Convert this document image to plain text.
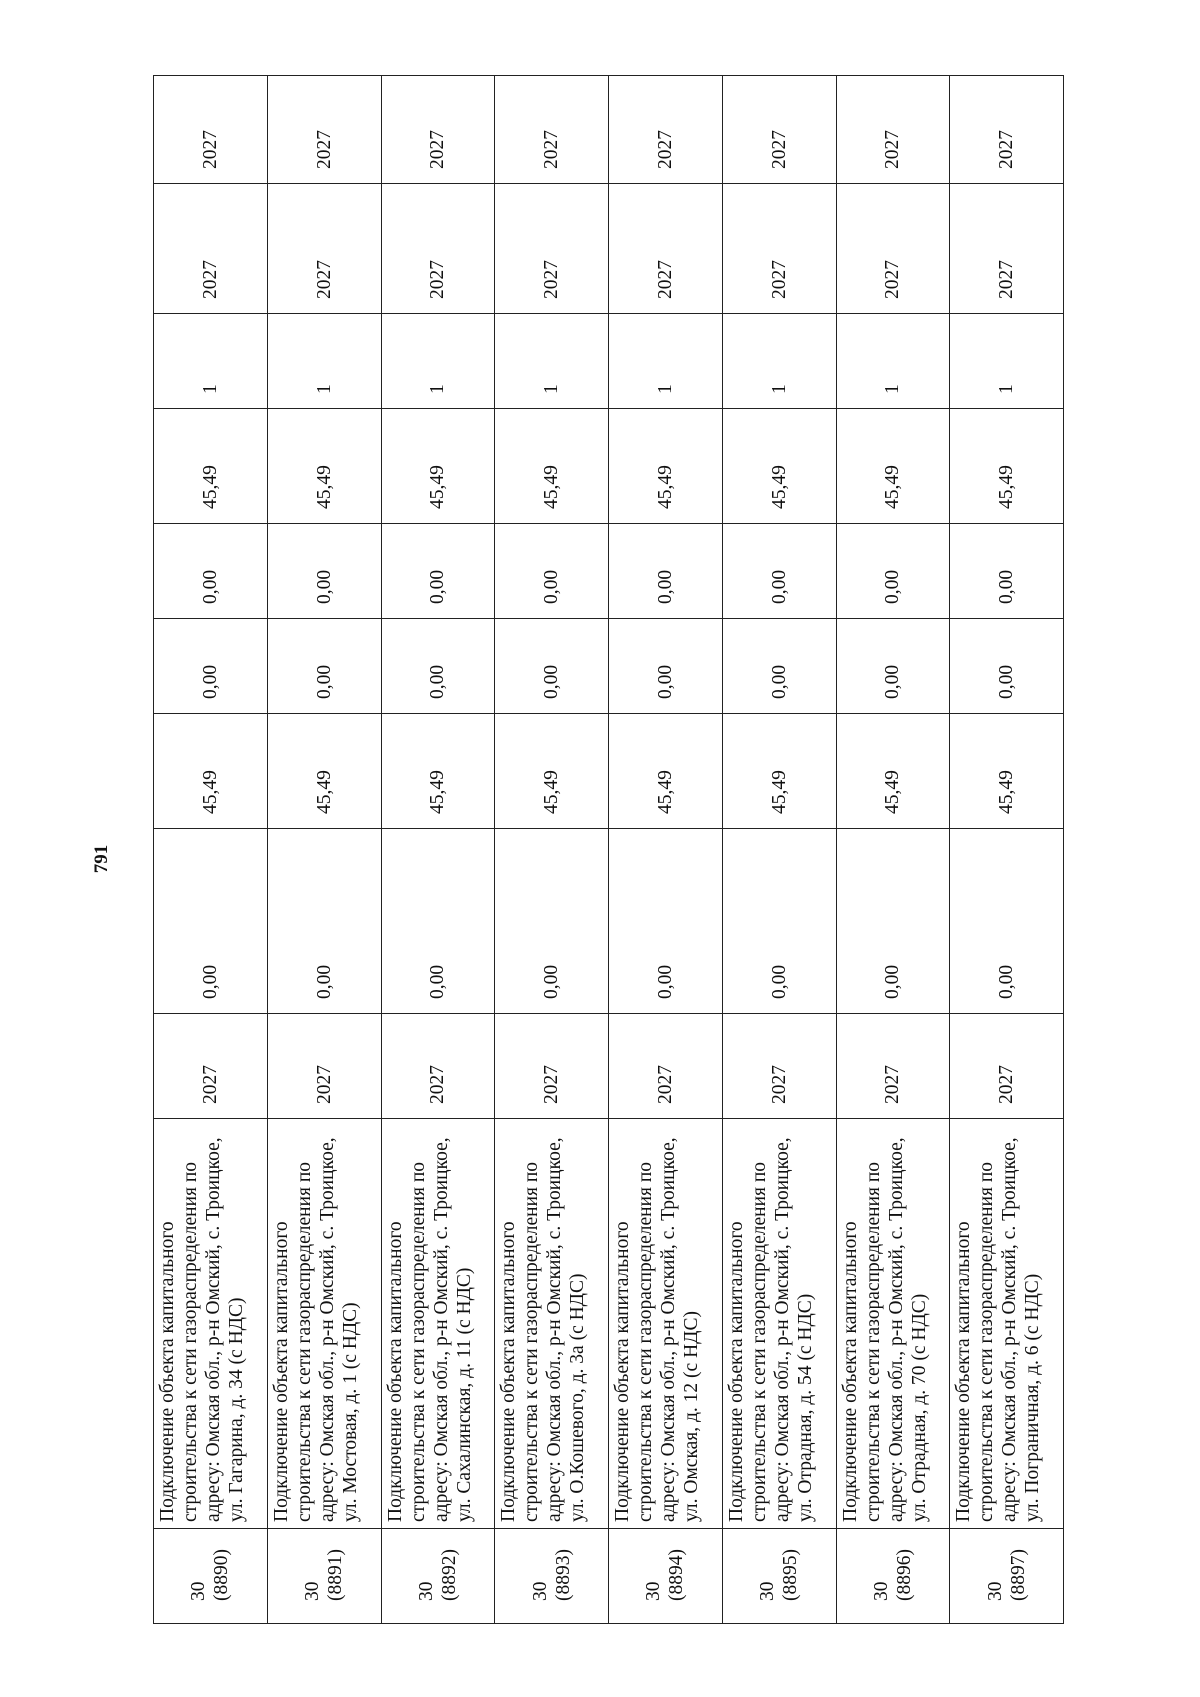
791
30 (8890)	Подключение объекта капитального строительства к сети газораспределения по адресу: Омская обл., р-н Омский, с. Троицкое, ул. Гагарина, д. 34 (с НДС)	2027	0,00	45,49	0,00	0,00	45,49	1	2027	2027

30 (8891)	Подключение объекта капитального строительства к сети газораспределения по адресу: Омская обл., р-н Омский, с. Троицкое, ул. Мостовая, д. 1 (с НДС)	2027	0,00	45,49	0,00	0,00	45,49	1	2027	2027

30 (8892)	Подключение объекта капитального строительства к сети газораспределения по адресу: Омская обл., р-н Омский, с. Троицкое, ул. Сахалинская, д. 11 (с НДС)	2027	0,00	45,49	0,00	0,00	45,49	1	2027	2027

30 (8893)	Подключение объекта капитального строительства к сети газораспределения по адресу: Омская обл., р-н Омский, с. Троицкое, ул. О.Кошевого, д. 3а (с НДС)	2027	0,00	45,49	0,00	0,00	45,49	1	2027	2027

30 (8894)	Подключение объекта капитального строительства к сети газораспределения по адресу: Омская обл., р-н Омский, с. Троицкое, ул. Омская, д. 12 (с НДС)	2027	0,00	45,49	0,00	0,00	45,49	1	2027	2027

30 (8895)	Подключение объекта капитального строительства к сети газораспределения по адресу: Омская обл., р-н Омский, с. Троицкое, ул. Отрадная, д. 54 (с НДС)	2027	0,00	45,49	0,00	0,00	45,49	1	2027	2027

30 (8896)	Подключение объекта капитального строительства к сети газораспределения по адресу: Омская обл., р-н Омский, с. Троицкое, ул. Отрадная, д. 70 (с НДС)	2027	0,00	45,49	0,00	0,00	45,49	1	2027	2027

30 (8897)	Подключение объекта капитального строительства к сети газораспределения по адресу: Омская обл., р-н Омский, с. Троицкое, ул. Пограничная, д. 6 (с НДС)	2027	0,00	45,49	0,00	0,00	45,49	1	2027	2027
